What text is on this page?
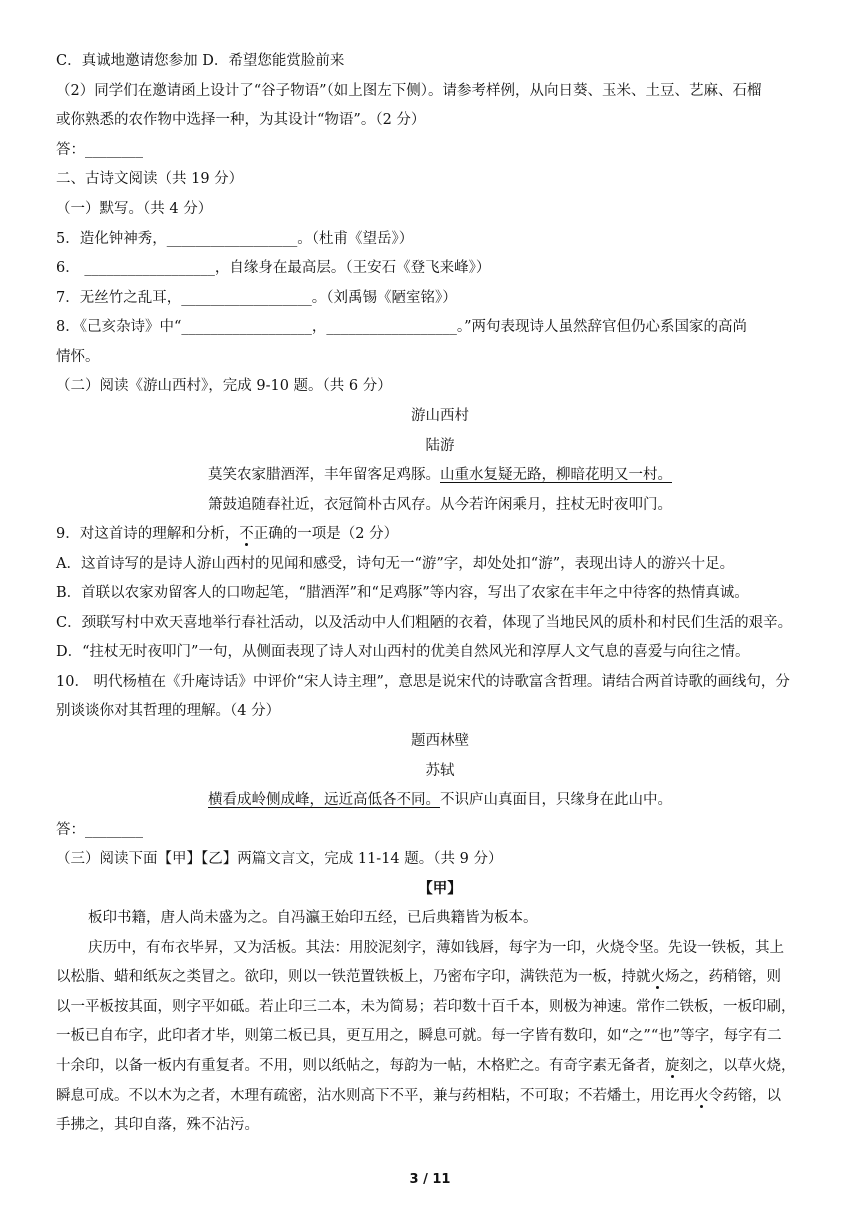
C．真诚地邀请您参加 D．希望您能赏脸前来
（2）同学们在邀请函上设计了“谷子物语”（如上图左下侧）。请参考样例，从向日葵、玉米、土豆、艺麻、石榴
或你熟悉的农作物中选择一种，为其设计“物语”。（2 分）
答：________
二、古诗文阅读（共 19 分）
（一）默写。（共 4 分）
5．造化钟神秀，__________________。（杜甫《望岳》）
6． __________________，自缘身在最高层。（王安石《登飞来峰》）
7．无丝竹之乱耳，__________________。（刘禹锡《陋室铭》）
8．《己亥杂诗》中“__________________，__________________。”两句表现诗人虽然辞官但仍心系国家的高尚
情怀。
（二）阅读《游山西村》，完成 9-10 题。（共 6 分）
游山西村
陆游
莫笑农家腊酒浑，丰年留客足鸡豚。山重水复疑无路，柳暗花明又一村。
箫鼓追随春社近，衣冠简朴古风存。从今若许闲乘月，拄杖无时夜叩门。
9．对这首诗的理解和分析，不正确的一项是（2 分）
A．这首诗写的是诗人游山西村的见闻和感受，诗句无一“游”字，却处处扣“游”，表现出诗人的游兴十足。
B．首联以农家劝留客人的口吻起笔，“腊酒浑”和“足鸡豚”等内容，写出了农家在丰年之中待客的热情真诚。
C．颈联写村中欢天喜地举行春社活动，以及活动中人们粗陋的衣着，体现了当地民风的质朴和村民们生活的艰辛。
D．“拄杖无时夜叩门”一句，从侧面表现了诗人对山西村的优美自然风光和淳厚人文气息的喜爱与向往之情。
10． 明代杨植在《升庵诗话》中评价“宋人诗主理”，意思是说宋代的诗歌富含哲理。请结合两首诗歌的画线句，分
别谈谈你对其哲理的理解。（4 分）
题西林壁
苏轼
横看成岭侧成峰，远近高低各不同。不识庐山真面目，只缘身在此山中。
答：________
（三）阅读下面【甲】【乙】两篇文言文，完成 11-14 题。（共 9 分）
【甲】
板印书籍，唐人尚未盛为之。自冯瀛王始印五经，已后典籍皆为板本。
庆历中，有布衣毕昇，又为活板。其法：用胶泥刻字，薄如钱唇，每字为一印，火烧令坚。先设一铁板，其上
以松脂、蜡和纸灰之类冒之。欲印，则以一铁范置铁板上，乃密布字印，满铁范为一板，持就火炀之，药稍镕，则
以一平板按其面，则字平如砥。若止印三二本，未为简易；若印数十百千本，则极为神速。常作二铁板，一板印刷，
一板已自布字，此印者才毕，则第二板已具，更互用之，瞬息可就。每一字皆有数印，如“之”“也”等字，每字有二
十余印，以备一板内有重复者。不用，则以纸帖之，每韵为一帖，木格贮之。有奇字素无备者，旋刻之，以草火烧，
瞬息可成。不以木为之者，木理有疏密，沾水则高下不平，兼与药相粘，不可取；不若燔土，用讫再火令药镕，以
手拂之，其印自落，殊不沾污。
3 / 11
